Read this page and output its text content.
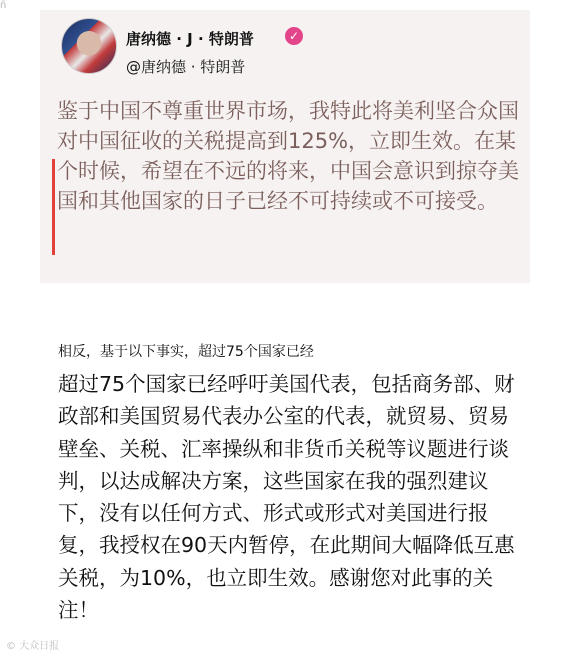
ñ
唐纳德 · J · 特朗普	✓
@唐纳德 · 特朗普
鉴于中国不尊重世界市场，我特此将美利坚合众国对中国征收的关税提高到125%，立即生效。在某个时候，希望在不远的将来，中国会意识到掠夺美国和其他国家的日子已经不可持续或不可接受。
相反，基于以下事实，超过75个国家已经
超过75个国家已经呼吁美国代表，包括商务部、财政部和美国贸易代表办公室的代表，就贸易、贸易壁垒、关税、汇率操纵和非货币关税等议题进行谈判，以达成解决方案，这些国家在我的强烈建议下，没有以任何方式、形式或形式对美国进行报复，我授权在90天内暂停，在此期间大幅降低互惠关税，为10%，也立即生效。感谢您对此事的关注！
© 大众日报
